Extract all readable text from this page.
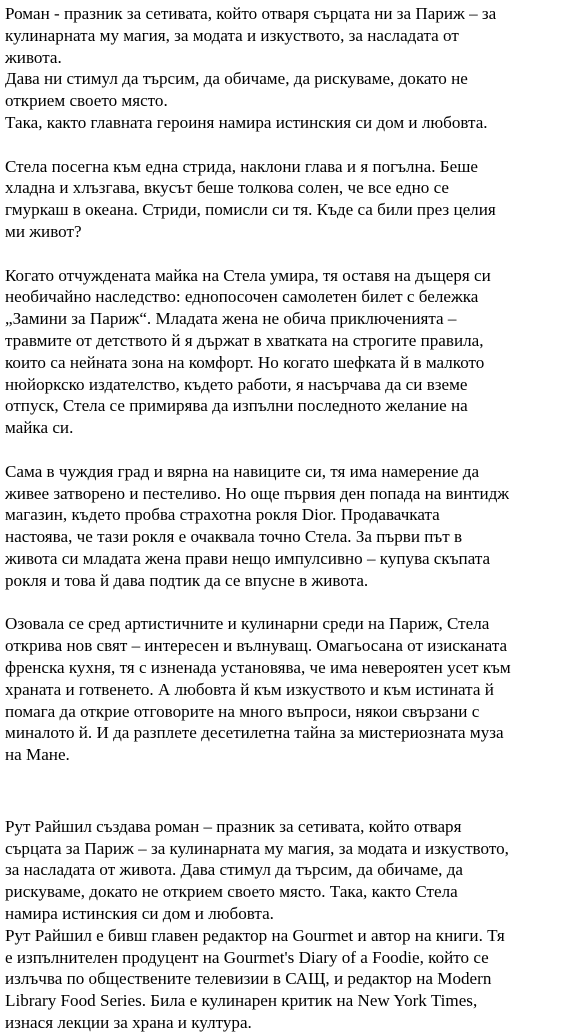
Роман - празник за сетивата, който отваря сърцата ни за Париж – за

кулинарната му магия, за модата и изкуството, за насладата от

живота.

Дава ни стимул да търсим, да обичаме, да рискуваме, докато не

открием своето място.

Така, както главната героиня намира истинския си дом и любовта.

Стела посегна към една стрида, наклони глава и я погълна. Беше

хладна и хлъзгава, вкусът беше толкова солен, че все едно се

гмуркаш в океана. Стриди, помисли си тя. Къде са били през целия

ми живот?

Когато отчуждената майка на Стела умира, тя оставя на дъщеря си

необичайно наследство: еднопосочен самолетен билет с бележка

„Замини за Париж“. Младата жена не обича приключенията –

травмите от детството й я държат в хватката на строгите правила,

които са нейната зона на комфорт. Но когато шефката й в малкото

нюйоркско издателство, където работи, я насърчава да си вземе

отпуск, Стела се примирява да изпълни последното желание на

майка си.

Сама в чуждия град и вярна на навиците си, тя има намерение да

живее затворено и пестеливо. Но още първия ден попада на винтидж

магазин, където пробва страхотна рокля Dior. Продавачката

настоява, че тази рокля е очаквала точно Стела. За първи път в

живота си младата жена прави нещо импулсивно – купува скъпата

рокля и това й дава подтик да се впусне в живота.

Озовала се сред артистичните и кулинарни среди на Париж, Стела

открива нов свят – интересен и вълнуващ. Омагьосана от изисканата

френска кухня, тя с изненада установява, че има невероятен усет към

храната и готвенето. А любовта й към изкуството и към истината й

помага да открие отговорите на много въпроси, някои свързани с

миналото й. И да разплете десетилетна тайна за мистериозната муза

на Мане.

Рут Райшил създава роман – празник за сетивата, който отваря

сърцата за Париж – за кулинарната му магия, за модата и изкуството,

за насладата от живота. Дава стимул да търсим, да обичаме, да

рискуваме, докато не открием своето място. Така, както Стела

намира истинския си дом и любовта.

Рут Райшил е бивш главен редактор на Gourmet и автор на книги. Тя

е изпълнителен продуцент на Gourmet's Diary of a Foodie, който се

излъчва по обществените телевизии в САЩ, и редактор на Modern

Library Food Series. Била е кулинарен критик на New York Times,

изнася лекции за храна и култура.
